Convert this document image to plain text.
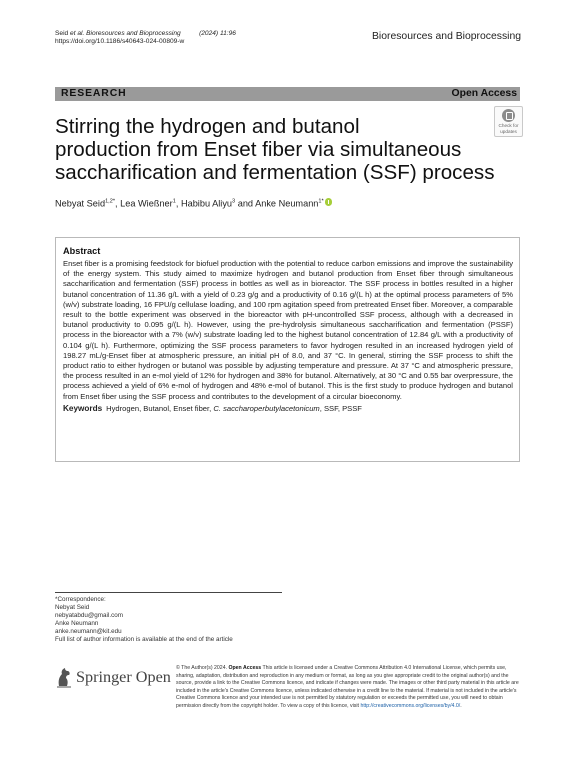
Seid et al. Bioresources and Bioprocessing	(2024) 11:96
https://doi.org/10.1186/s40643-024-00809-w	Bioresources and Bioprocessing
RESEARCH	Open Access
Check for
updates
Stirring the hydrogen and butanol
production from Enset fiber via simultaneous
saccharification and fermentation (SSF) process
Nebyat Seid$^{1,2*}$, Lea Wießner$^1$, Habibu Aliyu$^3$ and Anke Neumann$^{1*}$
Abstract

Enset fiber is a promising feedstock for biofuel production with the potential to reduce carbon emissions and improve the sustainability of the energy system. This study aimed to maximize hydrogen and butanol production from Enset fiber through simultaneous saccharification and fermentation (SSF) process in bottles as well as in bioreactor. The SSF process in bottles resulted in a higher butanol concentration of 11.36 g/L with a yield of 0.23 g/g and a productivity of 0.16 g/(L h) at the optimal process parameters of 5% (w/v) substrate loading, 16 FPU/g cellulase loading, and 100 rpm agitation speed from pretreated Enset fiber. Moreover, a comparable result to the bottle experiment was observed in the bioreactor with pH-uncontrolled SSF process, although with a decreased in butanol productivity to 0.095 g/(L h). However, using the pre-hydrolysis simultaneous saccharification and fermentation (PSSF) process in the bioreactor with a 7% (w/v) substrate loading led to the highest butanol concentration of 12.84 g/L with a productivity of 0.104 g/(L h). Furthermore, optimizing the SSF process parameters to favor hydrogen resulted in an increased hydrogen yield of 198.27 mL/g-Enset fiber at atmospheric pressure, an initial pH of 8.0, and 37 °C. In general, stirring the SSF process to shift the product ratio to either hydrogen or butanol was possible by adjusting temperature and pressure. At 37 °C and atmospheric pressure, the process resulted in an e-mol yield of 12% for hydrogen and 38% for butanol. Alternatively, at 30 °C and 0.55 bar overpressure, the process achieved a yield of 6% e-mol of hydrogen and 48% e-mol of butanol. This is the first study to produce hydrogen and butanol from Enset fiber using the SSF process and contributes to the development of a circular bioeconomy.

Keywords Hydrogen, Butanol, Enset fiber, C. saccharoperbutylacetonicum, SSF, PSSF
*Correspondence:
Nebyat Seid
nebyatabdu@gmail.com
Anke Neumann
anke.neumann@kit.edu
Full list of author information is available at the end of the article
Springer Open © The Author(s) 2024. Open Access This article is licensed under a Creative Commons Attribution 4.0 International License, which permits use, sharing, adaptation, distribution and reproduction in any medium or format, as long as you give appropriate credit to the original author(s) and the source, provide a link to the Creative Commons licence, and indicate if changes were made. The images or other third party material in this article are included in the article's Creative Commons licence, unless indicated otherwise in a credit line to the material. If material is not included in the article's Creative Commons licence and your intended use is not permitted by statutory regulation or exceeds the permitted use, you will need to obtain permission directly from the copyright holder. To view a copy of this licence, visit http://creativecommons.org/licenses/by/4.0/.
